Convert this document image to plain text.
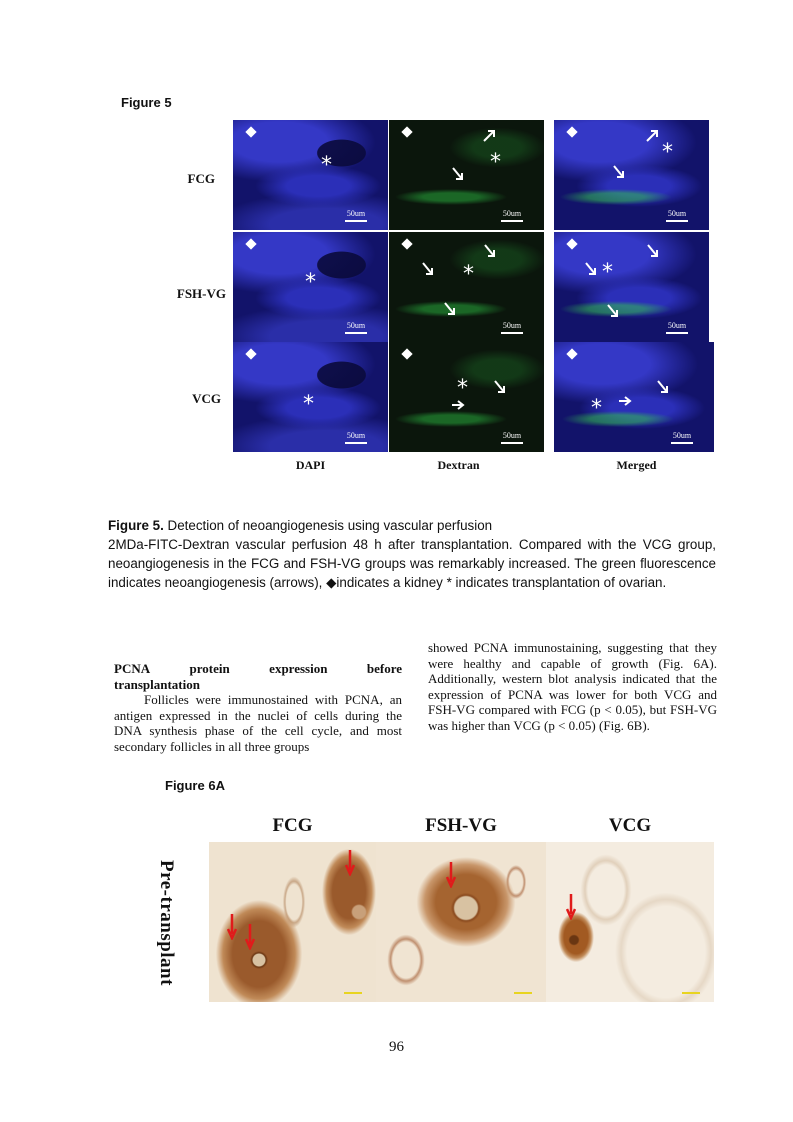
Figure 5
FCG
FSH-VG
VCG
*
50um
*
50um
*
50um
*
50um
*
50um
*
50um
*
50um
*
50um
*
50um
DAPI	Dextran	Merged
Figure 5. Detection of neoangiogenesis using vascular perfusion
2MDa-FITC-Dextran vascular perfusion 48 h after transplantation. Compared with the VCG group, neoangiogenesis in the FCG and FSH-VG groups was remarkably increased. The green fluorescence indicates neoangiogenesis (arrows), ◆indicates a kidney * indicates transplantation of ovarian.
PCNA	protein	expression	before
transplantation
Follicles were immunostained with PCNA, an antigen expressed in the nuclei of cells during the DNA synthesis phase of the cell cycle, and most secondary follicles in all three groups
showed PCNA immunostaining, suggesting that they were healthy and capable of growth (Fig. 6A). Additionally, western blot analysis indicated that the expression of PCNA was lower for both VCG and FSH-VG compared with FCG (p < 0.05), but FSH-VG was higher than VCG (p < 0.05) (Fig. 6B).
Figure 6A
FCG	FSH-VG	VCG
Pre-transplant
96
